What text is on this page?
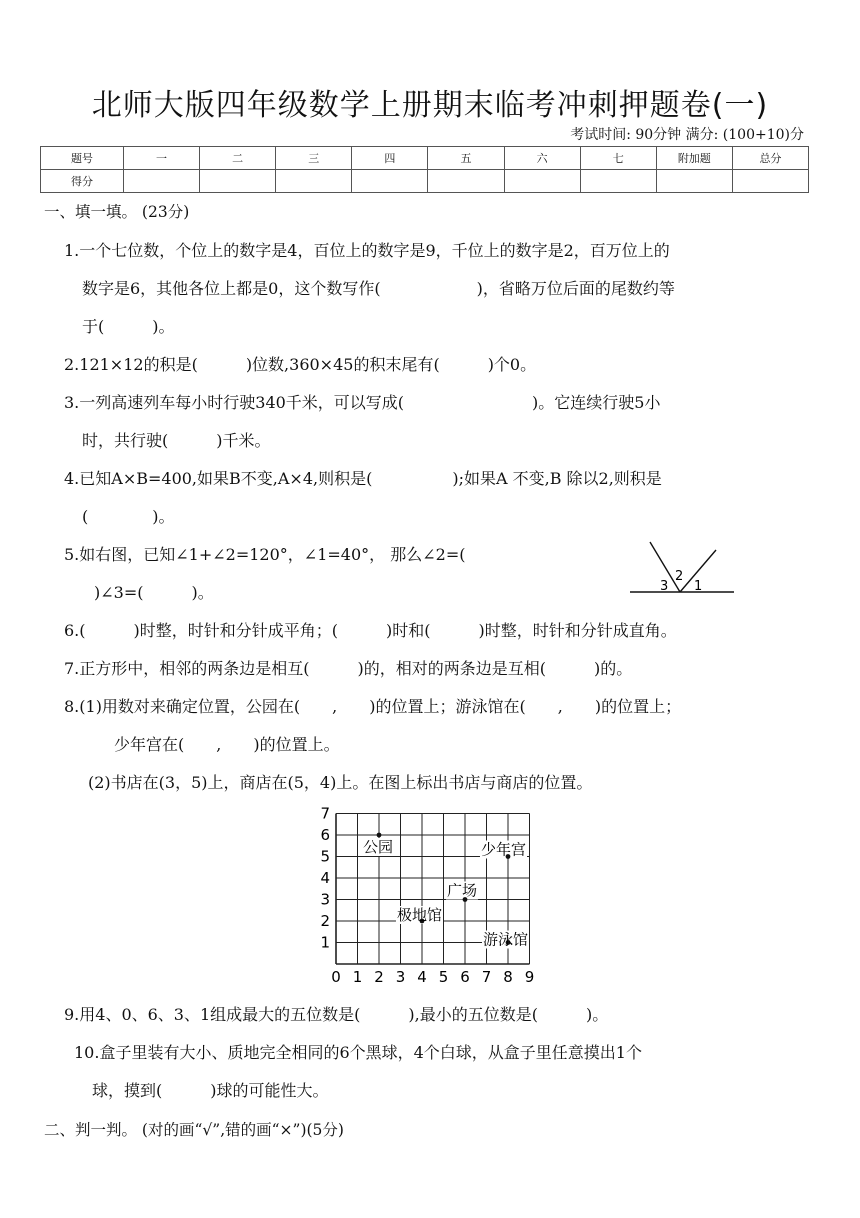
北师大版四年级数学上册期末临考冲刺押题卷(一)
考试时间: 90分钟 满分: (100+10)分
题号	一	二	三	四	五	六	七	附加题	总分
得分									
一、填一填。 (23分)
1.一个七位数，个位上的数字是4，百位上的数字是9，千位上的数字是2，百万位上的
数字是6，其他各位上都是0，这个数写作(　　　　　　)，省略万位后面的尾数约等
于(　　　)。
2.121×12的积是(　　　)位数,360×45的积末尾有(　　　)个0。
3.一列高速列车每小时行驶340千米，可以写成(　　　　　　　　)。它连续行驶5小
时，共行驶(　　　)千米。
4.已知A×B=400,如果B不变,A×4,则积是(　　　　　);如果A 不变,B 除以2,则积是
(　　　　)。
5.如右图，已知∠1+∠2=120°，∠1=40°， 那么∠2=(
)∠3=(　　　)。	3
2
1
6.(　　　)时整，时针和分针成平角；(　　　)时和(　　　)时整，时针和分针成直角。
7.正方形中，相邻的两条边是相互(　　　)的，相对的两条边是互相(　　　)的。
8.(1)用数对来确定位置，公园在(　　,　　)的位置上；游泳馆在(　　,　　)的位置上；
少年宫在(　　,　　)的位置上。
(2)书店在(3，5)上，商店在(5，4)上。在图上标出书店与商店的位置。
0 1 2 3 4 5 6 7 8 9
1
2
3
4
5
6
7
公园	少年宫
广场
极地馆
游泳馆
9.用4、0、6、3、1组成最大的五位数是(　　　),最小的五位数是(　　　)。
10.盒子里装有大小、质地完全相同的6个黑球，4个白球，从盒子里任意摸出1个
球，摸到(　　　)球的可能性大。
二、判一判。 (对的画“√”,错的画“×”)(5分)
